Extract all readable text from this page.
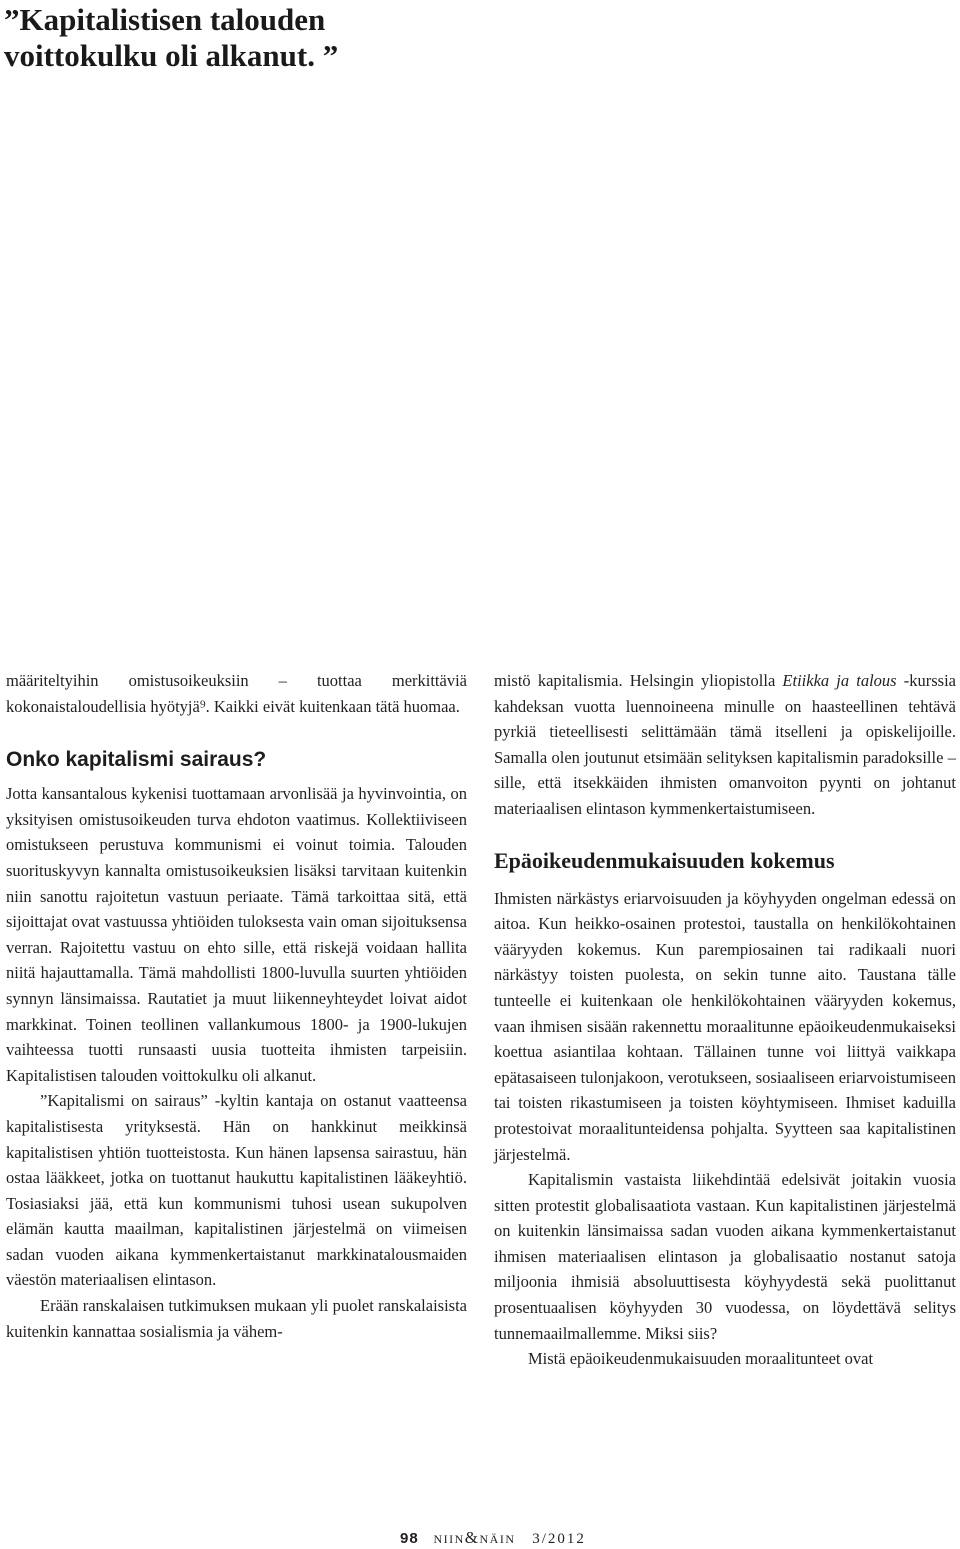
”Kapitalistisen talouden
voittokulku oli alkanut. ”

määriteltyihin omistusoikeuksiin – tuottaa merkittäviä kokonaistaloudellisia hyötyjä⁹. Kaikki eivät kuitenkaan tätä huomaa.

Onko kapitalismi sairaus?

Jotta kansantalous kykenisi tuottamaan arvonlisää ja hyvinvointia, on yksityisen omistusoikeuden turva ehdoton vaatimus. Kollektiiviseen omistukseen perustuva kommunismi ei voinut toimia. Talouden suorituskyvyn kannalta omistusoikeuksien lisäksi tarvitaan kuitenkin niin sanottu rajoitetun vastuun periaate. Tämä tarkoittaa sitä, että sijoittajat ovat vastuussa yhtiöiden tuloksesta vain oman sijoituksensa verran. Rajoitettu vastuu on ehto sille, että riskejä voidaan hallita niitä hajauttamalla. Tämä mahdollisti 1800-luvulla suurten yhtiöiden synnyn länsimaissa. Rautatiet ja muut liikenneyhteydet loivat aidot markkinat. Toinen teollinen vallankumous 1800- ja 1900-lukujen vaihteessa tuotti runsaasti uusia tuotteita ihmisten tarpeisiin. Kapitalistisen talouden voittokulku oli alkanut.

”Kapitalismi on sairaus” -kyltin kantaja on ostanut vaatteensa kapitalistisesta yrityksestä. Hän on hankkinut meikkinsä kapitalistisen yhtiön tuotteistosta. Kun hänen lapsensa sairastuu, hän ostaa lääkkeet, jotka on tuottanut haukuttu kapitalistinen lääkeyhtiö. Tosiasiaksi jää, että kun kommunismi tuhosi usean sukupolven elämän kautta maailman, kapitalistinen järjestelmä on viimeisen sadan vuoden aikana kymmenkertaistanut markkinatalousmaiden väestön materiaalisen elintason.

Erään ranskalaisen tutkimuksen mukaan yli puolet ranskalaisista kuitenkin kannattaa sosialismia ja vähem-

mistö kapitalismia. Helsingin yliopistolla Etiikka ja talous -kurssia kahdeksan vuotta luennoineena minulle on haasteellinen tehtävä pyrkiä tieteellisesti selittämään tämä itselleni ja opiskelijoille. Samalla olen joutunut etsimään selityksen kapitalismin paradoksille – sille, että itsekkäiden ihmisten omanvoiton pyynti on johtanut materiaalisen elintason kymmenkertaistumiseen.

Epäoikeudenmukaisuuden kokemus

Ihmisten närkästys eriarvoisuuden ja köyhyyden ongelman edessä on aitoa. Kun heikko-osainen protestoi, taustalla on henkilökohtainen vääryyden kokemus. Kun parempiosainen tai radikaali nuori närkästyy toisten puolesta, on sekin tunne aito. Taustana tälle tunteelle ei kuitenkaan ole henkilökohtainen vääryyden kokemus, vaan ihmisen sisään rakennettu moraalitunne epäoikeudenmukaiseksi koettua asiantilaa kohtaan. Tällainen tunne voi liittyä vaikkapa epätasaiseen tulonjakoon, verotukseen, sosiaaliseen eriarvoistumiseen tai toisten rikastumiseen ja toisten köyhtymiseen. Ihmiset kaduilla protestoivat moraalitunteidensa pohjalta. Syytteen saa kapitalistinen järjestelmä.

Kapitalismin vastaista liikehdintää edelsivät joitakin vuosia sitten protestit globalisaatiota vastaan. Kun kapitalistinen järjestelmä on kuitenkin länsimaissa sadan vuoden aikana kymmenkertaistanut ihmisen materiaalisen elintason ja globalisaatio nostanut satoja miljoonia ihmisiä absoluuttisesta köyhyydestä sekä puolittanut prosentuaalisen köyhyyden 30 vuodessa, on löydettävä selitys tunnemaailmallemme. Miksi siis?

Mistä epäoikeudenmukaisuuden moraalitunteet ovat

98 niin&näin 3/2012
